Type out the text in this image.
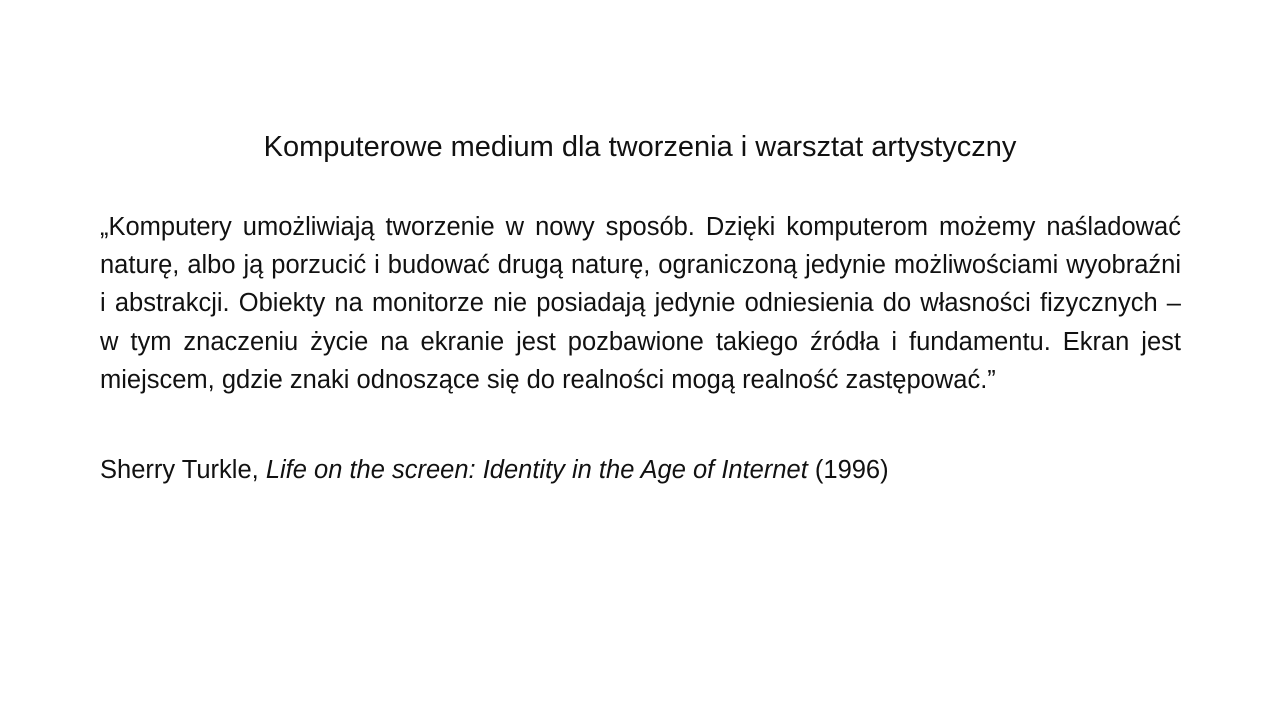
Komputerowe medium dla tworzenia i warsztat artystyczny

„Komputery umożliwiają tworzenie w nowy sposób. Dzięki komputerom możemy naśladować naturę, albo ją porzucić i budować drugą naturę, ograniczoną jedynie możliwościami wyobraźni i abstrakcji. Obiekty na monitorze nie posiadają jedynie odniesienia do własności fizycznych – w tym znaczeniu życie na ekranie jest pozbawione takiego źródła i fundamentu. Ekran jest miejscem, gdzie znaki odnoszące się do realności mogą realność zastępować.”

Sherry Turkle, Life on the screen: Identity in the Age of Internet (1996)
